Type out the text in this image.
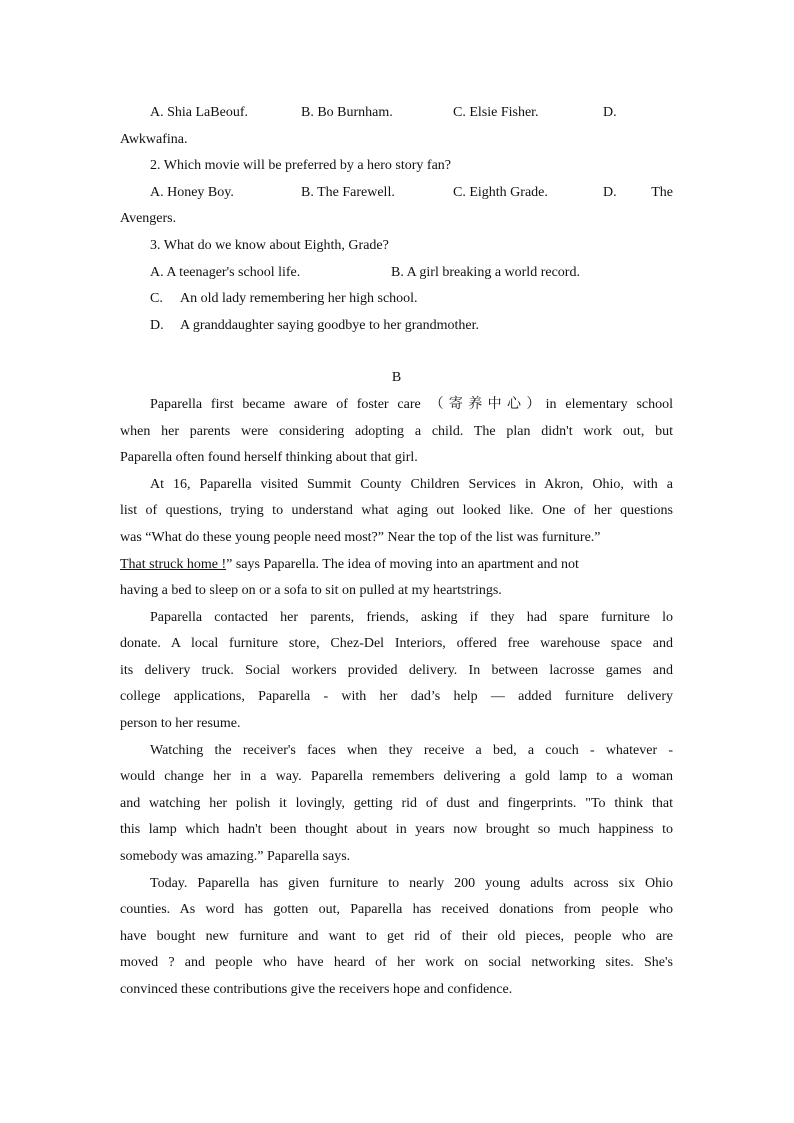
A. Shia LaBeouf.	B. Bo Burnham.	C. Elsie Fisher.	D.
Awkwafina.
2. Which movie will be preferred by a hero story fan?
A. Honey Boy.	B. The Farewell.	C. Eighth Grade.	D. The
Avengers.
3. What do we know about Eighth, Grade?
A. A teenager's school life.	B. A girl breaking a world record.
C. An old lady remembering her high school.
D. A granddaughter saying goodbye to her grandmother.
B
Paparella first became aware of foster care （寄养中心）in elementary school
when her parents were considering adopting a child. The plan didn't work out, but
Paparella often found herself thinking about that girl.
At 16, Paparella visited Summit County Children Services in Akron, Ohio, with a
list of questions, trying to understand what aging out looked like. One of her questions
was “What do these young people need most?” Near the top of the list was furniture.”
That struck home !” says Paparella. The idea of moving into an apartment and not
having a bed to sleep on or a sofa to sit on pulled at my heartstrings.
Paparella contacted her parents, friends, asking if they had spare furniture lo
donate. A local furniture store, Chez-Del Interiors, offered free warehouse space and
its delivery truck. Social workers provided delivery. In between lacrosse games and
college applications, Paparella - with her dad’s help — added furniture delivery
person to her resume.
Watching the receiver's faces when they receive a bed, a couch - whatever -
would change her in a way. Paparella remembers delivering a gold lamp to a woman
and watching her polish it lovingly, getting rid of dust and fingerprints. "To think that
this lamp which hadn't been thought about in years now brought so much happiness to
somebody was amazing.” Paparella says.
Today. Paparella has given furniture to nearly 200 young adults across six Ohio
counties. As word has gotten out, Paparella has received donations from people who
have bought new furniture and want to get rid of their old pieces, people who are
moved ? and people who have heard of her work on social networking sites. She's
convinced these contributions give the receivers hope and confidence.
